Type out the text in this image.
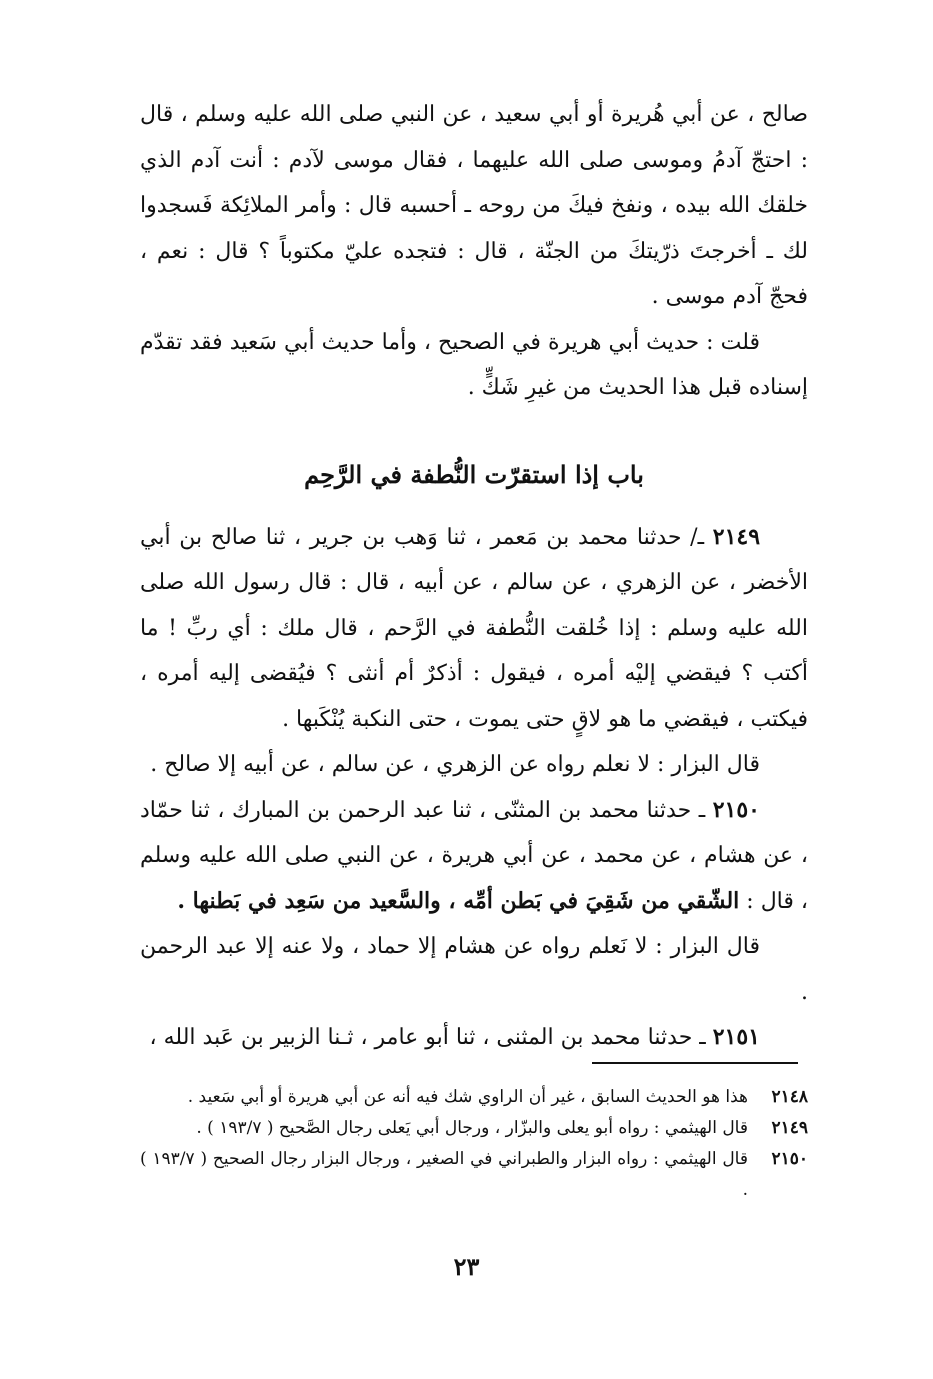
صالح ، عن أبي هُريرة أو أبي سعيد ، عن النبي صلى الله عليه وسلم ، قال : احتجّ آدمُ وموسى صلى الله عليهما ، فقال موسى لآدم : أنت آدم الذي خلقك الله بيده ، ونفخ فيكَ من روحه ـ أحسبه قال : وأمر الملائِكة فَسجدوا لك ـ أخرجتَ ذرّيتكَ من الجنّة ، قال : فتجده عليّ مكتوباً ؟ قال : نعم ، فحجّ آدم موسى .

قلت : حديث أبي هريرة في الصحيح ، وأما حديث أبي سَعيد فقد تقدّم إسناده قبل هذا الحديث من غيرِ شَكٍّ .

باب إذا استقرّت النُّطفة في الرَّحِم

٢١٤٩ ـ/ حدثنا محمد بن مَعمر ، ثنا وَهب بن جرير ، ثنا صالح بن أبي الأخضر ، عن الزهري ، عن سالم ، عن أبيه ، قال : قال رسول الله صلى الله عليه وسلم : إذا خُلقت النُّطفة في الرَّحم ، قال ملك : أي ربِّ ! ما أكتب ؟ فيقضي إليْه أمره ، فيقول : أذكرٌ أم أنثى ؟ فيُقضى إليه أمره ، فيكتب ، فيقضي ما هو لاقٍ حتى يموت ، حتى النكبة يُنْكَبها .

قال البزار : لا نعلم رواه عن الزهري ، عن سالم ، عن أبيه إلا صالح .

٢١٥٠ ـ حدثنا محمد بن المثنّى ، ثنا عبد الرحمن بن المبارك ، ثنا حمّاد ، عن هشام ، عن محمد ، عن أبي هريرة ، عن النبي صلى الله عليه وسلم ، قال : الشّقي من شَقِيَ في بَطن أمِّه ، والسَّعيد من سَعِد في بَطنها .

قال البزار : لا نَعلم رواه عن هشام إلا حماد ، ولا عنه إلا عبد الرحمن .

٢١٥١ ـ حدثنا محمد بن المثنى ، ثنا أبو عامر ، ثـنا الزبير بن عَبد الله ،

٢١٤٨
هذا هو الحديث السابق ، غير أن الراوي شك فيه أنه عن أبي هريرة أو أبي سَعيد .
٢١٤٩
قال الهيثمي : رواه أبو يعلى والبزّار ، ورجال أبي يَعلى رجال الصَّحيح ( ١٩٣/٧ ) .
٢١٥٠
قال الهيثمي : رواه البزار والطبراني في الصغير ، ورجال البزار رجال الصحيح ( ١٩٣/٧ ) .
٢٣
